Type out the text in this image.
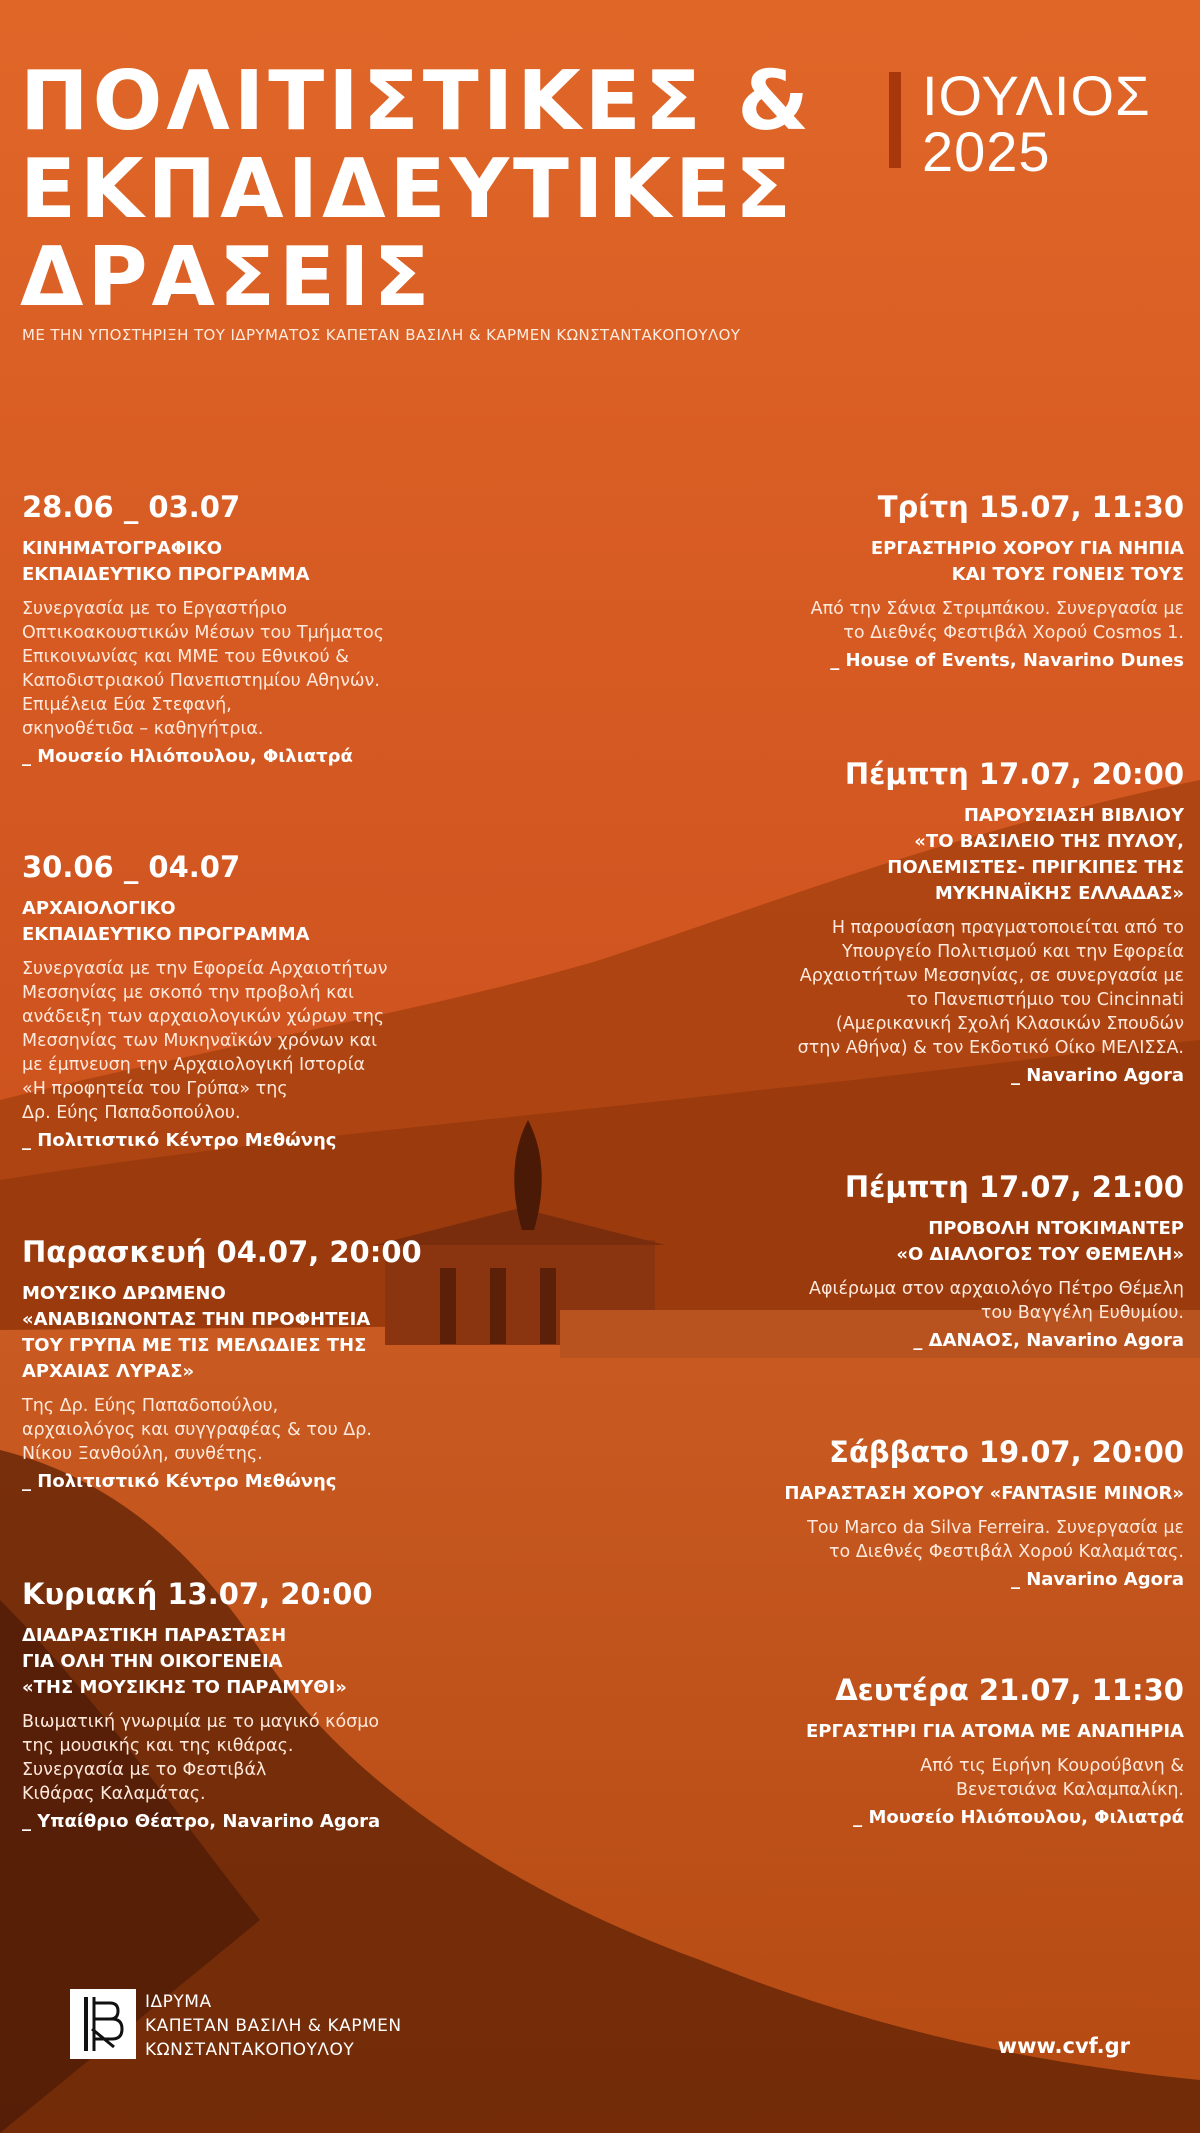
ΠΟΛΙΤΙΣΤΙΚΕΣ &
ΕΚΠΑΙΔΕΥΤΙΚΕΣ
ΔΡΑΣΕΙΣ
ΙΟΥΛΙΟΣ
2025
ΜΕ ΤΗΝ ΥΠΟΣΤΗΡΙΞΗ ΤΟΥ ΙΔΡΥΜΑΤΟΣ ΚΑΠΕΤΑΝ ΒΑΣΙΛΗ & ΚΑΡΜΕΝ ΚΩΝΣΤΑΝΤΑΚΟΠΟΥΛΟΥ
28.06 _ 03.07
ΚΙΝΗΜΑΤΟΓΡΑΦΙΚΟ
ΕΚΠΑΙΔΕΥΤΙΚΟ ΠΡΟΓΡΑΜΜΑ
Συνεργασία με το Εργαστήριο
Οπτικοακουστικών Μέσων του Τμήματος
Επικοινωνίας και ΜΜΕ του Εθνικού &
Καποδιστριακού Πανεπιστημίου Αθηνών.
Επιμέλεια Εύα Στεφανή,
σκηνοθέτιδα – καθηγήτρια.
_ Μουσείο Ηλιόπουλου, Φιλιατρά
30.06 _ 04.07
ΑΡΧΑΙΟΛΟΓΙΚΟ
ΕΚΠΑΙΔΕΥΤΙΚΟ ΠΡΟΓΡΑΜΜΑ
Συνεργασία με την Εφορεία Αρχαιοτήτων
Μεσσηνίας με σκοπό την προβολή και
ανάδειξη των αρχαιολογικών χώρων της
Μεσσηνίας των Μυκηναϊκών χρόνων και
με έμπνευση την Αρχαιολογική Ιστορία
«Η προφητεία του Γρύπα» της
Δρ. Εύης Παπαδοπούλου.
_ Πολιτιστικό Κέντρο Μεθώνης
Παρασκευή 04.07, 20:00
ΜΟΥΣΙΚΟ ΔΡΩΜΕΝΟ
«ΑΝΑΒΙΩΝΟΝΤΑΣ ΤΗΝ ΠΡΟΦΗΤΕΙΑ
ΤΟΥ ΓΡΥΠΑ ΜΕ ΤΙΣ ΜΕΛΩΔΙΕΣ ΤΗΣ
ΑΡΧΑΙΑΣ ΛΥΡΑΣ»
Της Δρ. Εύης Παπαδοπούλου,
αρχαιολόγος και συγγραφέας & του Δρ.
Νίκου Ξανθούλη, συνθέτης.
_ Πολιτιστικό Κέντρο Μεθώνης
Κυριακή 13.07, 20:00
ΔΙΑΔΡΑΣΤΙΚΗ ΠΑΡΑΣΤΑΣΗ
ΓΙΑ ΟΛΗ ΤΗΝ ΟΙΚΟΓΕΝΕΙΑ
«ΤΗΣ ΜΟΥΣΙΚΗΣ ΤΟ ΠΑΡΑΜΥΘΙ»
Βιωματική γνωριμία με το μαγικό κόσμο
της μουσικής και της κιθάρας.
Συνεργασία με το Φεστιβάλ
Κιθάρας Καλαμάτας.
_ Υπαίθριο Θέατρο, Navarino Agora
Τρίτη 15.07, 11:30
ΕΡΓΑΣΤΗΡΙΟ ΧΟΡΟΥ ΓΙΑ ΝΗΠΙΑ
ΚΑΙ ΤΟΥΣ ΓΟΝΕΙΣ ΤΟΥΣ
Από την Σάνια Στριμπάκου. Συνεργασία με
το Διεθνές Φεστιβάλ Χορού Cosmos 1.
_ House of Events, Navarino Dunes
Πέμπτη 17.07, 20:00
ΠΑΡΟΥΣΙΑΣΗ ΒΙΒΛΙΟΥ
«ΤΟ ΒΑΣΙΛΕΙΟ ΤΗΣ ΠΥΛΟΥ,
ΠΟΛΕΜΙΣΤΕΣ- ΠΡΙΓΚΙΠΕΣ ΤΗΣ
ΜΥΚΗΝΑΪΚΗΣ ΕΛΛΑΔΑΣ»
Η παρουσίαση πραγματοποιείται από το
Υπουργείο Πολιτισμού και την Εφορεία
Αρχαιοτήτων Μεσσηνίας, σε συνεργασία με
το Πανεπιστήμιο του Cincinnati
(Αμερικανική Σχολή Κλασικών Σπουδών
στην Αθήνα) & τον Εκδοτικό Οίκο ΜΕΛΙΣΣΑ.
_ Navarino Agora
Πέμπτη 17.07, 21:00
ΠΡΟΒΟΛΗ ΝΤΟΚΙΜΑΝΤΕΡ
«Ο ΔΙΑΛΟΓΟΣ ΤΟΥ ΘΕΜΕΛΗ»
Αφιέρωμα στον αρχαιολόγο Πέτρο Θέμελη
του Βαγγέλη Ευθυμίου.
_ ΔΑΝΑΟΣ, Navarino Agora
Σάββατο 19.07, 20:00
ΠΑΡΑΣΤΑΣΗ ΧΟΡΟΥ «FANTASIE MINOR»
Του Marco da Silva Ferreira. Συνεργασία με
το Διεθνές Φεστιβάλ Χορού Καλαμάτας.
_ Navarino Agora
Δευτέρα 21.07, 11:30
ΕΡΓΑΣΤΗΡΙ ΓΙΑ ΑΤΟΜΑ ΜΕ ΑΝΑΠΗΡΙΑ
Από τις Ειρήνη Κουρούβανη &
Βενετσιάνα Καλαμπαλίκη.
_ Μουσείο Ηλιόπουλου, Φιλιατρά
ΙΔΡΥΜΑ
ΚΑΠΕΤΑΝ ΒΑΣΙΛΗ & ΚΑΡΜΕΝ
ΚΩΝΣΤΑΝΤΑΚΟΠΟΥΛΟΥ	www.cvf.gr
